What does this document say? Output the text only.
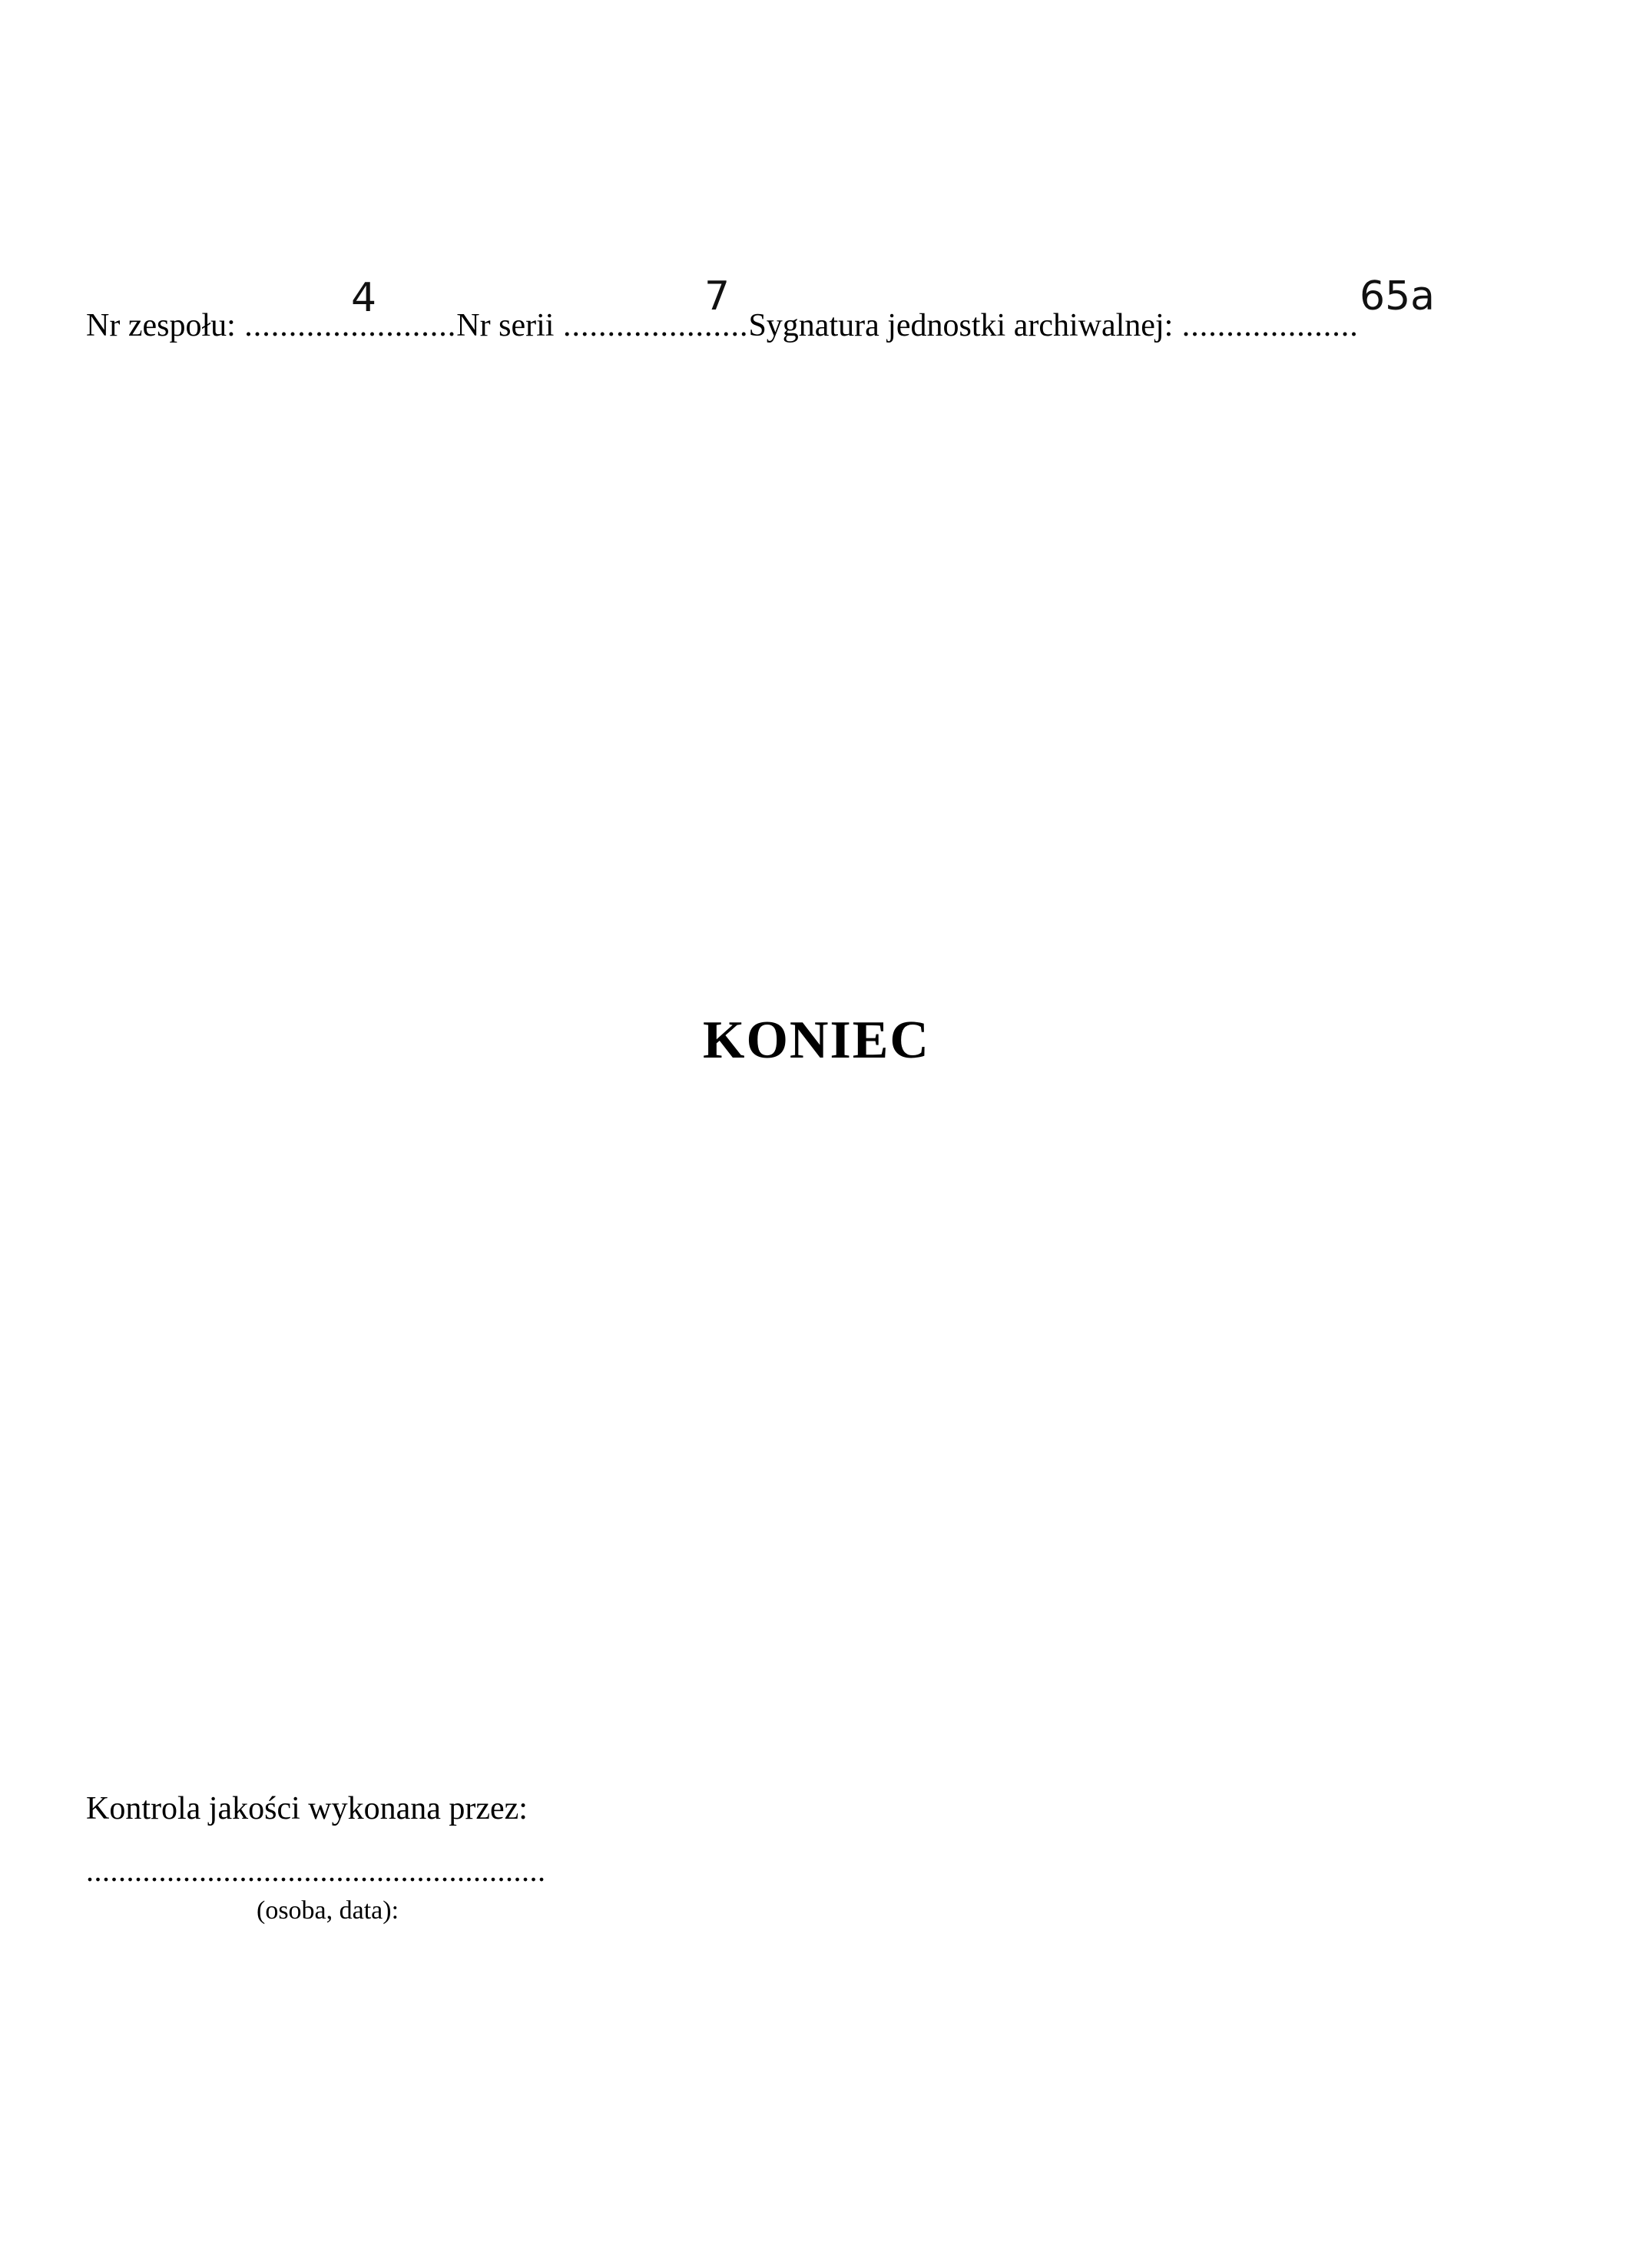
Nr zespołu: ........................Nr serii .....................Sygnatura jednostki archiwalnej: ....................
4	7	65a
KONIEC
Kontrola jakości wykonana przez:
.........................................................
(osoba, data):
